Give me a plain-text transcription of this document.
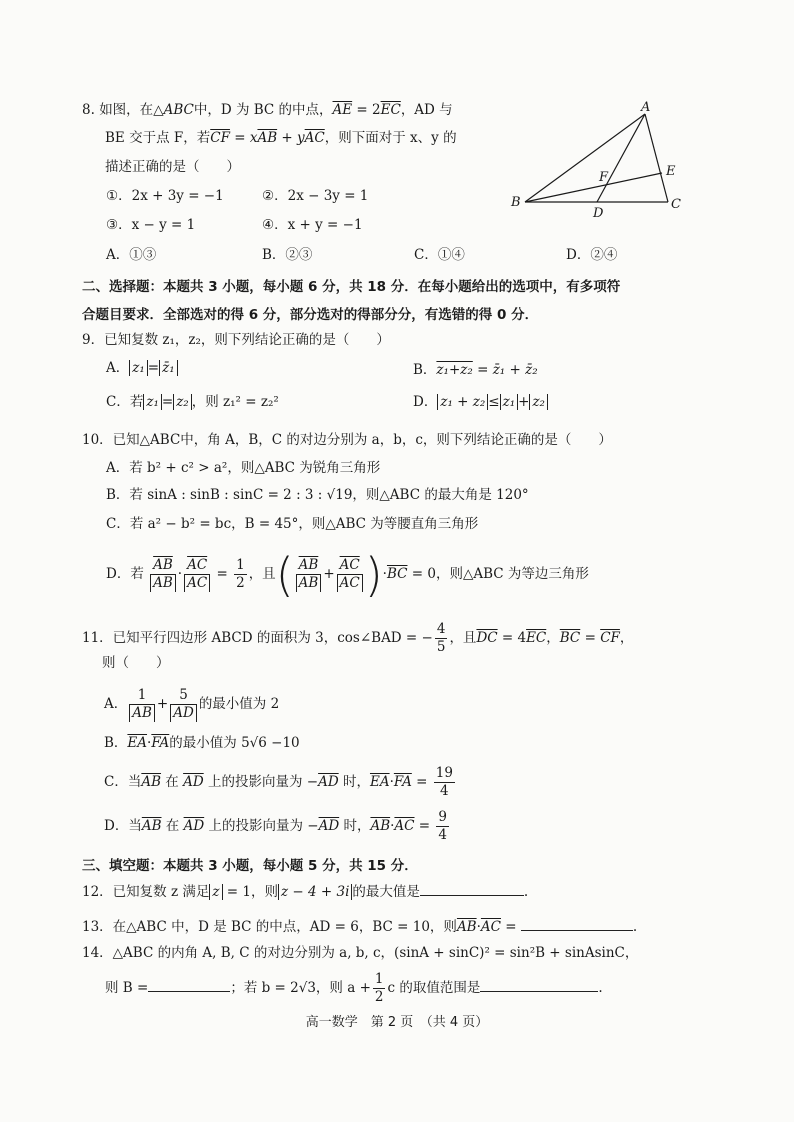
8. 如图，在△ABC中，D 为 BC 的中点，$\overline{AE} = 2\overline{EC}$，AD 与
BE 交于点 F，若$\overline{CF} = x\overline{AB} + y\overline{AC}$，则下面对于 x、y 的
描述正确的是（　　）
①．2x + 3y = −1	②．2x − 3y = 1
③．x − y = 1	④．x + y = −1
A．①③	B．②③	C．①④	D．②④
A
B	C
D
E
F
二、选择题：本题共 3 小题，每小题 6 分，共 18 分．在每小题给出的选项中，有多项符
合题目要求．全部选对的得 6 分，部分选对的得部分分，有选错的得 0 分．
9．已知复数 z₁，z₂，则下列结论正确的是（　　）
A． z₁ = z̄₁	B．z₁+z₂ = z̄₁ + z̄₂
C．若 z₁ = z₂ ，则 z₁² = z₂²	D． z₁ + z₂ ≤ z₁ + z₂
10．已知△ABC中，角 A，B，C 的对边分别为 a，b，c，则下列结论正确的是（　　）
A．若 b² + c² > a²，则△ABC 为锐角三角形
B．若 sinA : sinB : sinC = 2 : 3 : √19，则△ABC 的最大角是 120°
C．若 a² − b² = bc，B = 45°，则△ABC 为等腰直角三角形
D．若 $\frac{\overline{AB}}{AB} \cdot \frac{\overline{AC}}{AC} = \frac{1}{2}$ ，且( $\frac{\overline{AB}}{AB} + \frac{\overline{AC}}{AC} )\cdot\overline{BC} = 0$，则△ABC 为等边三角形
11．已知平行四边形 ABCD 的面积为 3，cos∠BAD = − $\frac{4}{5}$ ，且$\overline{DC} = 4\overline{EC}$，$\overline{BC} = \overline{CF}$，
则（　　）
A． $\frac{1}{AB} + \frac{5}{AD}$ 的最小值为 2
B．$\overline{EA}\cdot\overline{FA}$的最小值为 5√6 −10
C．当$\overline{AB}$ 在 $\overline{AD}$ 上的投影向量为 $-\overline{AD}$ 时，$\overline{EA}\cdot\overline{FA} = \frac{19}{4}$
D．当$\overline{AB}$ 在 $\overline{AD}$ 上的投影向量为 $-\overline{AD}$ 时，$\overline{AB}\cdot\overline{AC} = \frac{9}{4}$
三、填空题：本题共 3 小题，每小题 5 分，共 15 分．
12．已知复数 z 满足 z = 1，则 z − 4 + 3i 的最大值是	.
13．在△ABC 中，D 是 BC 的中点，AD = 6，BC = 10，则$\overline{AB}\cdot\overline{AC}$ =	.
14．△ABC 的内角 A, B, C 的对边分别为 a, b, c，(sinA + sinC)² = sin²B + sinAsinC，
则 B =	；若 b = 2√3，则 $a + \frac{1}{2}$ c 的取值范围是	.
高一数学　第 2 页　（共 4 页）
